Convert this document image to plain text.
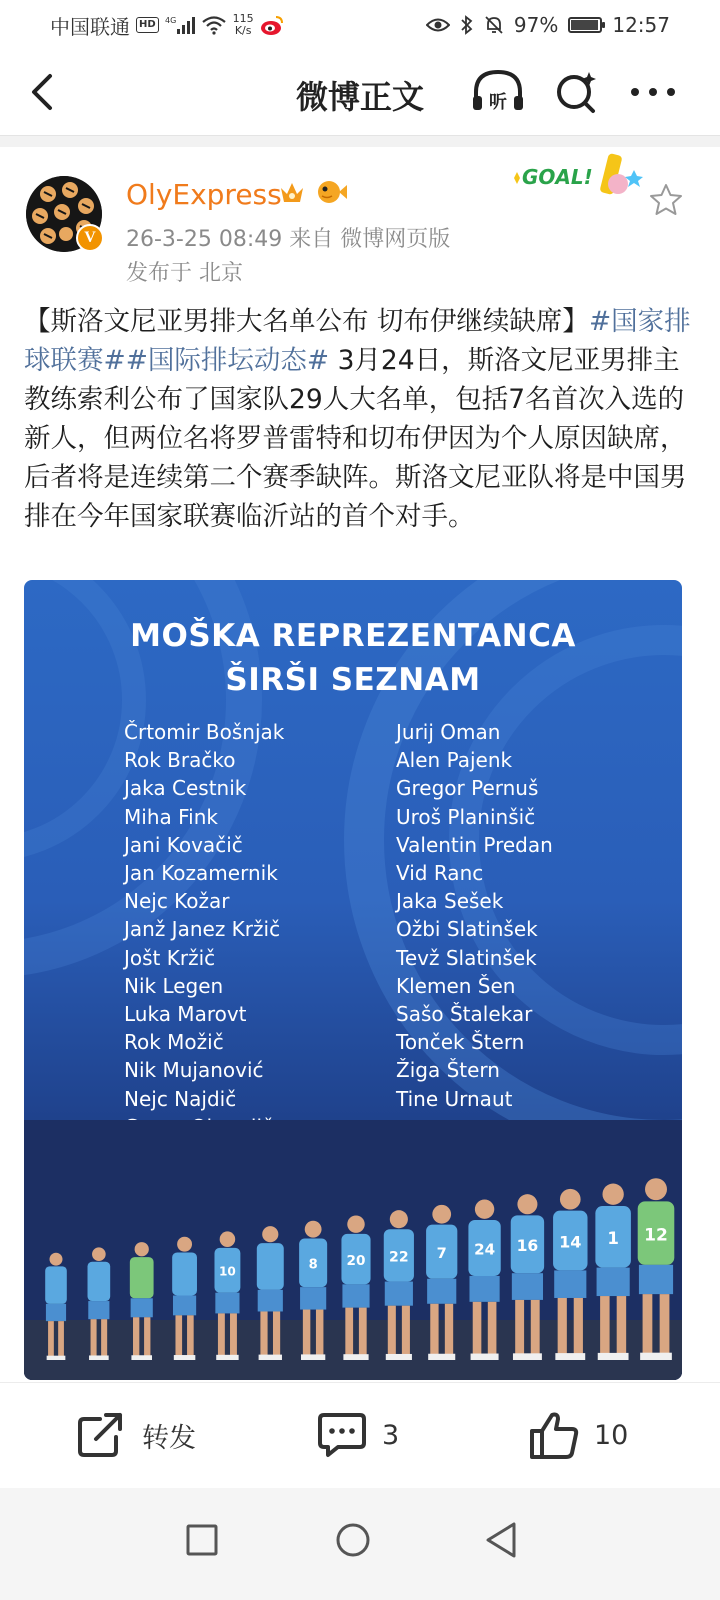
中国联通 HD	4G	115
K/s	97%	12:57
微博正文	听
V
OlyExpress
26-3-25 08:49 来自 微博网页版
发布于 北京
GOAL!
【斯洛文尼亚男排大名单公布 切布伊继续缺席】#国家排球联赛##国际排坛动态# 3月24日，斯洛文尼亚男排主教练索利公布了国家队29人大名单，包括7名首次入选的新人，但两位名将罗普雷特和切布伊因为个人原因缺席，后者将是连续第二个赛季缺阵。斯洛文尼亚队将是中国男排在今年国家联赛临沂站的首个对手。
MOŠKA REPREZENTANCA
ŠIRŠI SEZNAM
Črtomir Bošnjak
Rok Bračko
Jaka Cestnik
Miha Fink
Jani Kovačič
Jan Kozamernik
Nejc Kožar
Janž Janez Kržič
Jošt Kržič
Nik Legen
Luka Marovt
Rok Možič
Nik Mujanović
Nejc Najdič
Jurij Oman
Alen Pajenk
Gregor Pernuš
Uroš Planinšič
Valentin Predan
Vid Ranc
Jaka Sešek
Ožbi Slatinšek
Tevž Slatinšek
Klemen Šen
Sašo Štalekar
Tonček Štern
Žiga Štern
Tine Urnaut
10	8 20 22 7 24 16 14 1 12
转发	3	10
